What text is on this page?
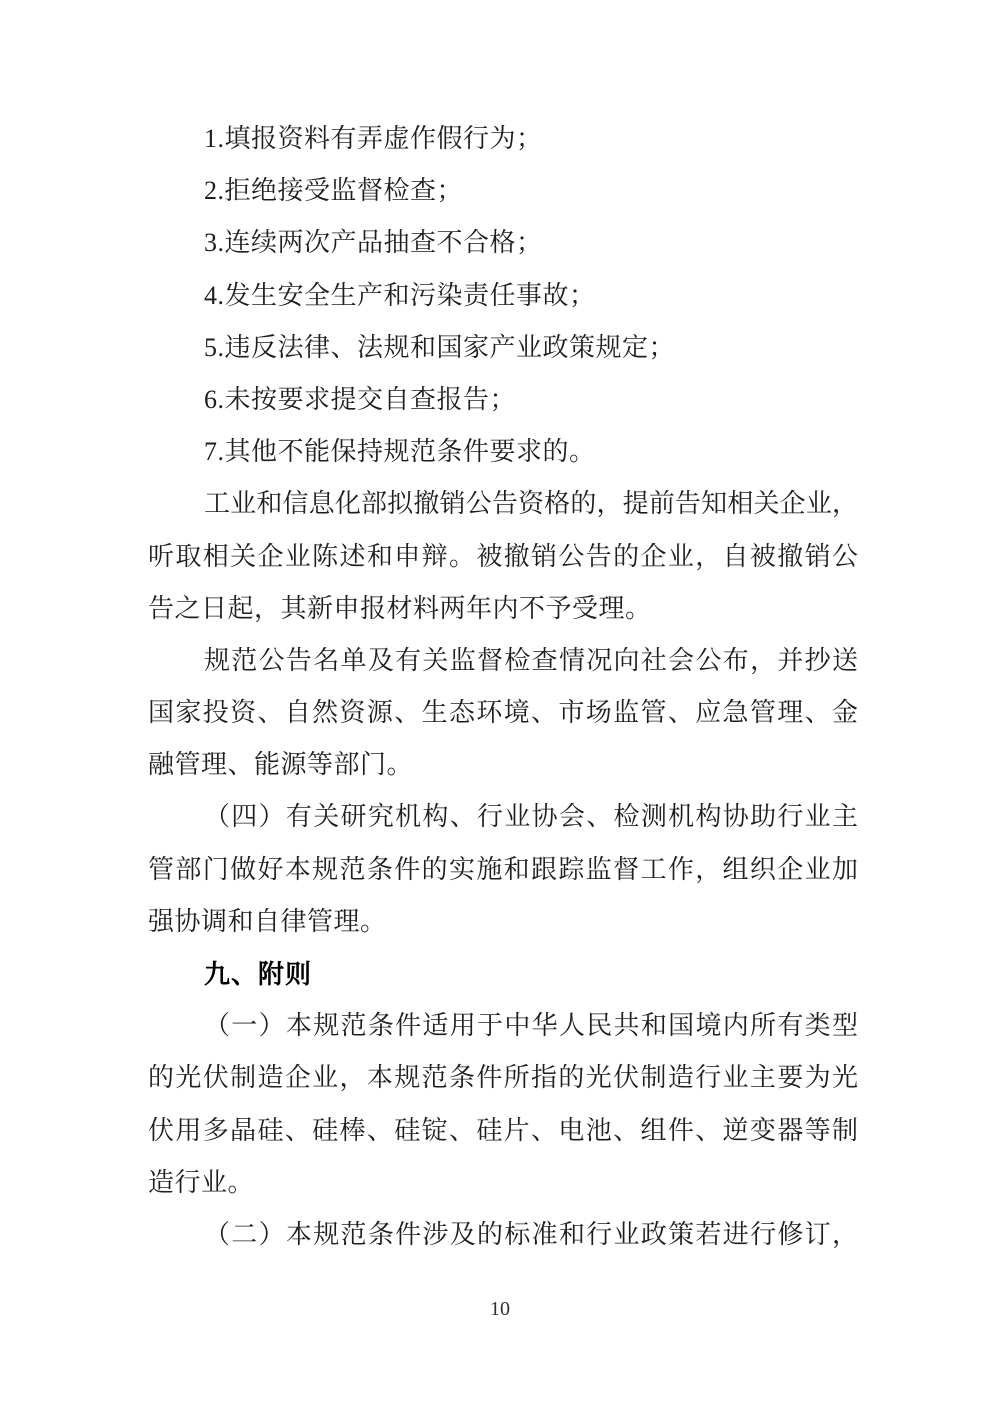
1.填报资料有弄虚作假行为；
2.拒绝接受监督检查；
3.连续两次产品抽查不合格；
4.发生安全生产和污染责任事故；
5.违反法律、法规和国家产业政策规定；
6.未按要求提交自查报告；
7.其他不能保持规范条件要求的。
工业和信息化部拟撤销公告资格的，提前告知相关企业，
听取相关企业陈述和申辩。被撤销公告的企业，自被撤销公
告之日起，其新申报材料两年内不予受理。
规范公告名单及有关监督检查情况向社会公布，并抄送
国家投资、自然资源、生态环境、市场监管、应急管理、金
融管理、能源等部门。
（四）有关研究机构、行业协会、检测机构协助行业主
管部门做好本规范条件的实施和跟踪监督工作，组织企业加
强协调和自律管理。
九、附则
（一）本规范条件适用于中华人民共和国境内所有类型
的光伏制造企业，本规范条件所指的光伏制造行业主要为光
伏用多晶硅、硅棒、硅锭、硅片、电池、组件、逆变器等制
造行业。
（二）本规范条件涉及的标准和行业政策若进行修订，
10
